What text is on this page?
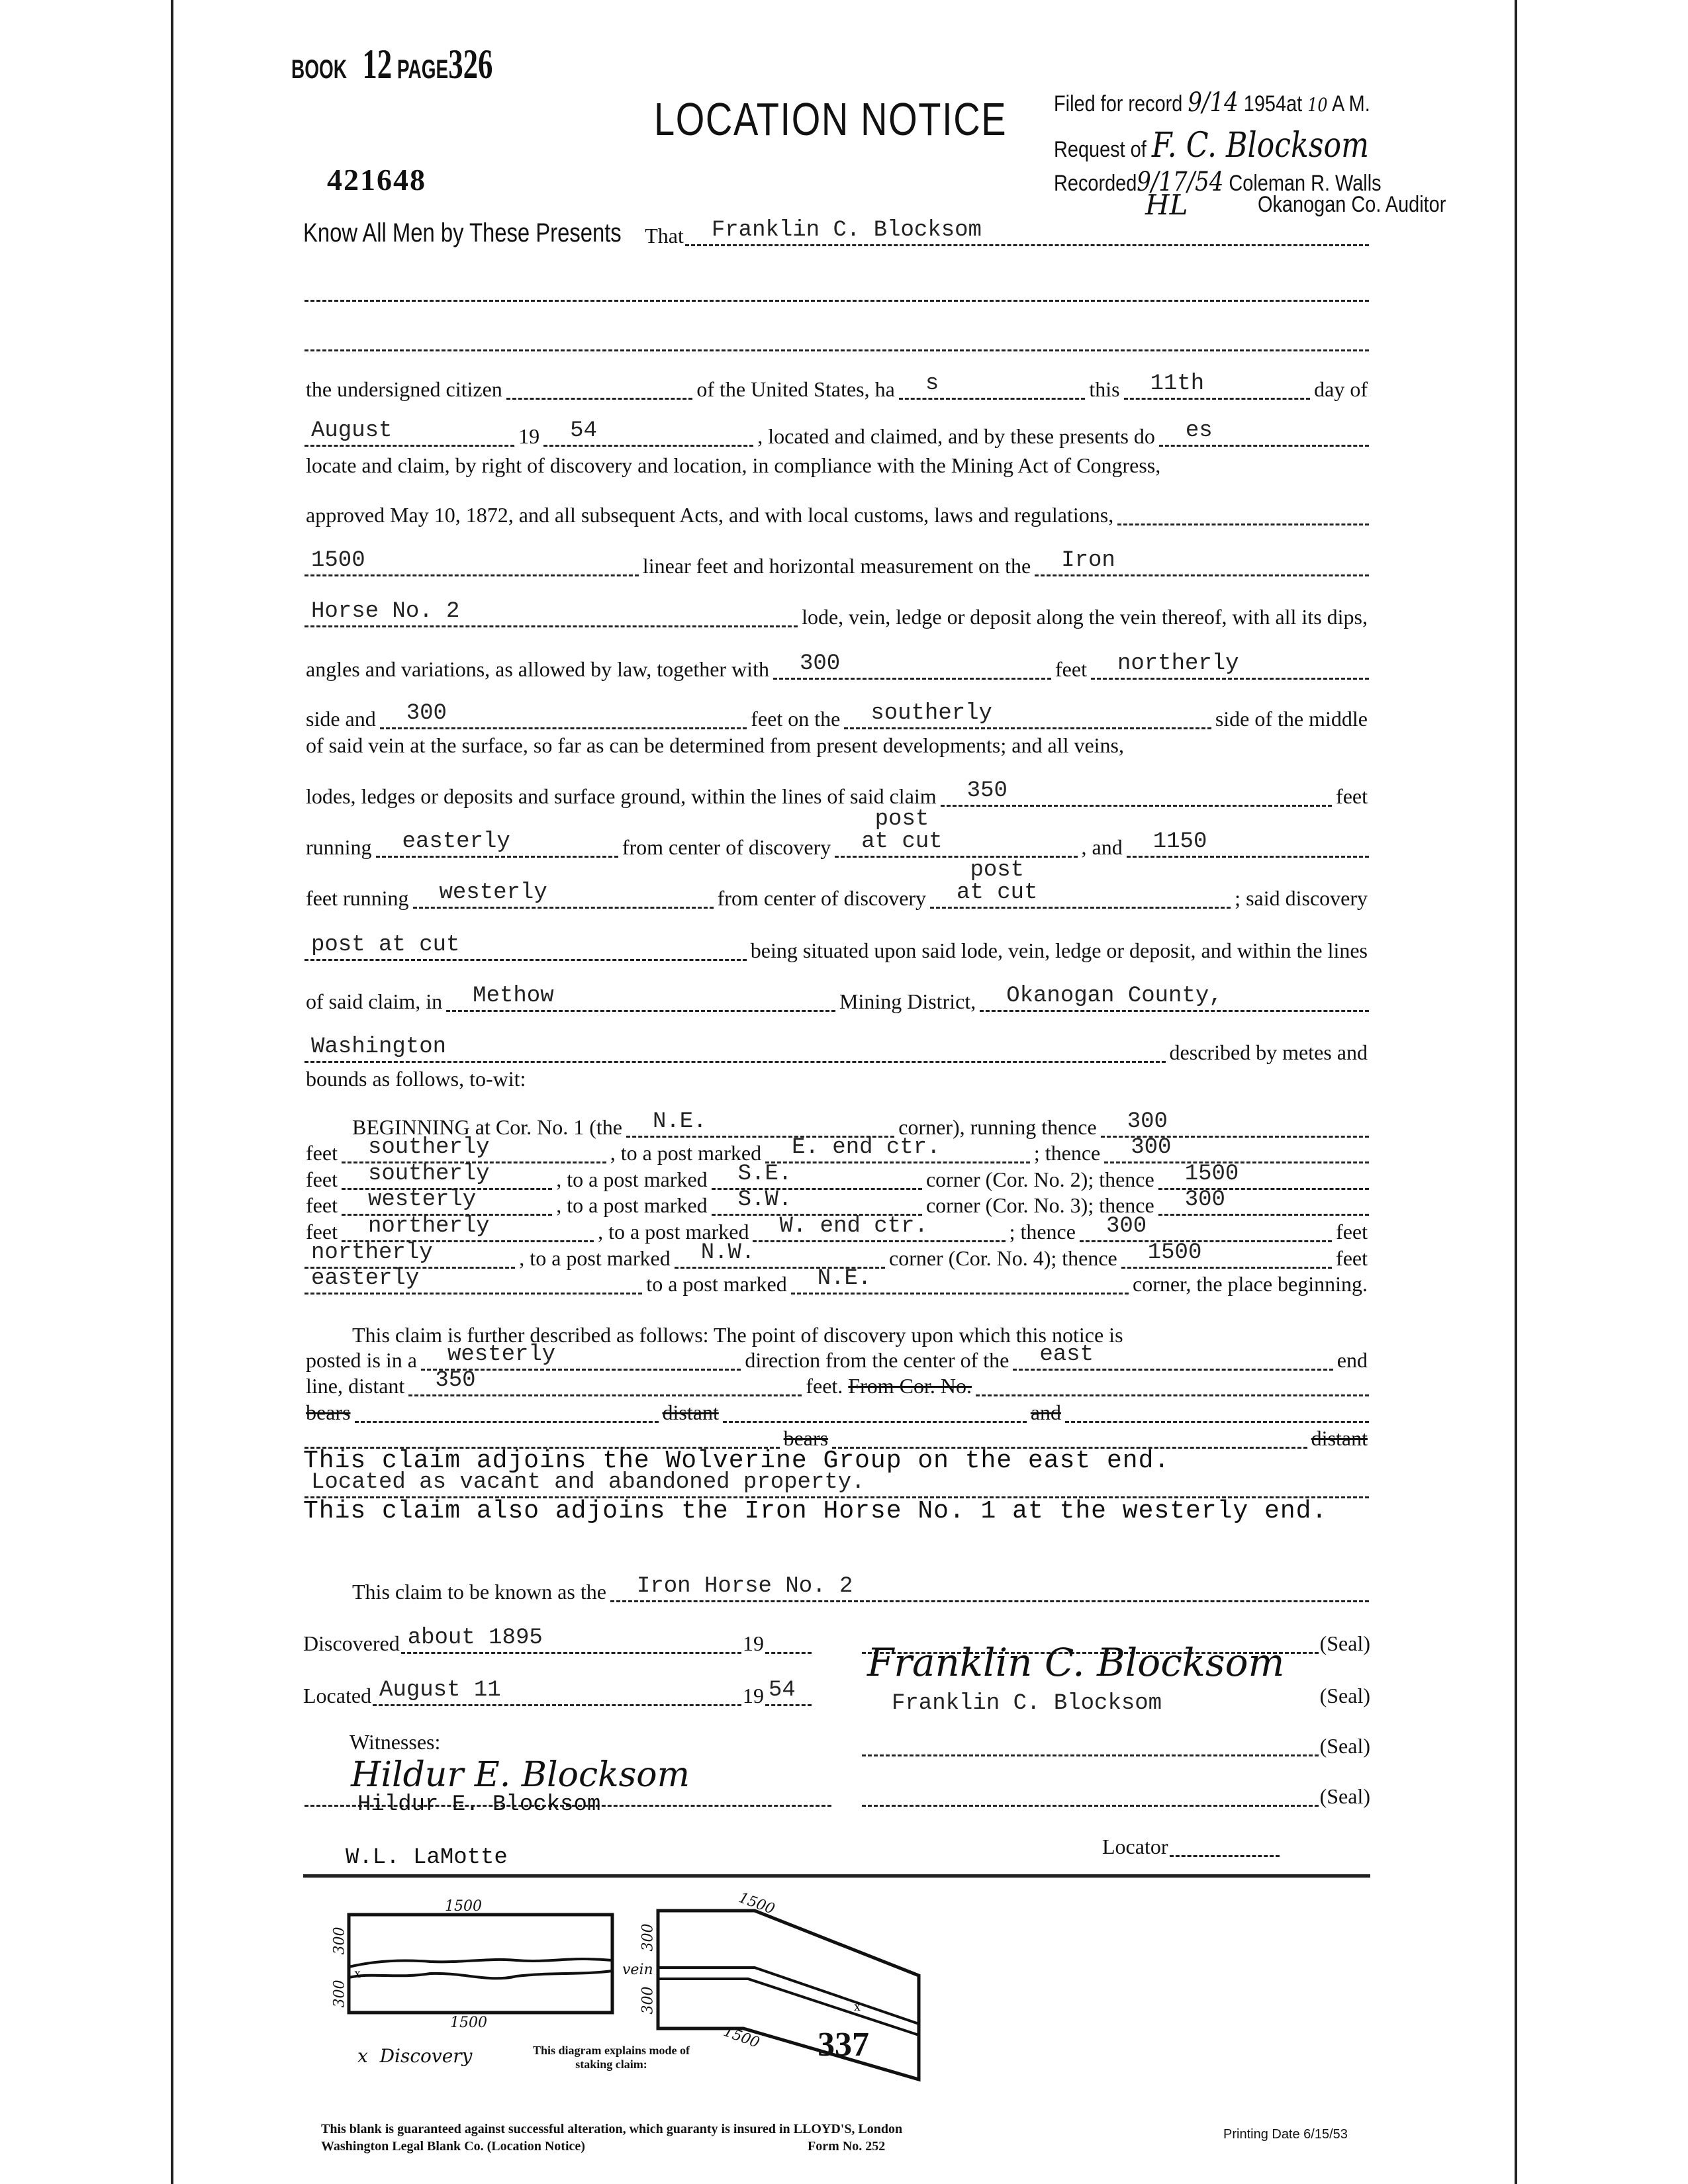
BOOK 12 PAGE326
LOCATION NOTICE
421648
Filed for record 9/14 1954at 10 A M.
Request of F. C. Blocksom
Recorded9/17/54 Coleman R. Walls
HL	Okanogan Co. Auditor
Know All Men by These Presents That Franklin C. Blocksom
the undersigned citizen	of the United States, ha s	this 11th	day of
August	19 54	, located and claimed, and by these presents do es
locate and claim, by right of discovery and location, in compliance with the Mining Act of Congress,
approved May 10, 1872, and all subsequent Acts, and with local customs, laws and regulations,
1500	linear feet and horizontal measurement on the Iron
Horse No. 2	lode, vein, ledge or deposit along the vein thereof, with all its dips,
angles and variations, as allowed by law, together with 300	feet northerly
side and 300	feet on the southerly	side of the middle
of said vein at the surface, so far as can be determined from present developments; and all veins,
lodes, ledges or deposits and surface ground, within the lines of said claim 350	feet
running easterly	from center of discovery
post
at cut	, and 1150
feet running westerly	from center of discovery
post
at cut	; said discovery
post at cut	being situated upon said lode, vein, ledge or deposit, and within the lines
of said claim, in Methow	Mining District, Okanogan County,
Washington	described by metes and
bounds as follows, to-wit:
BEGINNING at Cor. No. 1 (the N.E.	corner), running thence 300
feet southerly	, to a post marked E. end ctr.	; thence 300
feet southerly	, to a post marked S.E.	corner (Cor. No. 2); thence 1500
feet westerly	, to a post marked S.W.	corner (Cor. No. 3); thence 300
feet northerly	, to a post marked W. end ctr.	; thence 300	feet
northerly	, to a post marked N.W.	corner (Cor. No. 4); thence 1500	feet
easterly	to a post marked N.E.	corner, the place beginning.
This claim is further described as follows: The point of discovery upon which this notice is
posted is in a westerly	direction from the center of the east	end
line, distant 350	feet. From Cor. No.
bears	distant	and
bears	distant
This claim adjoins the Wolverine Group on the east end.
Located as vacant and abandoned property.
This claim also adjoins the Iron Horse No. 1 at the westerly end.
This claim to be known as the Iron Horse No. 2
Discovered about 1895	19
Located August 11	19 54
(Seal)
Franklin C. Blocksom
Franklin C. Blocksom	(Seal)
(Seal)
(Seal)
Witnesses:
Hildur E. Blocksom
Hildur E. Blocksom
W.L. LaMotte	Locator
x
x
1500
1500
300
300
vein
1500
1500
300
300
x  Discovery	This diagram explains mode of
staking claim:
337
This blank is guaranteed against successful alteration, which guaranty is insured in LLOYD'S, London
Washington Legal Blank Co. (Location Notice)	Form No. 252
Printing Date 6/15/53
